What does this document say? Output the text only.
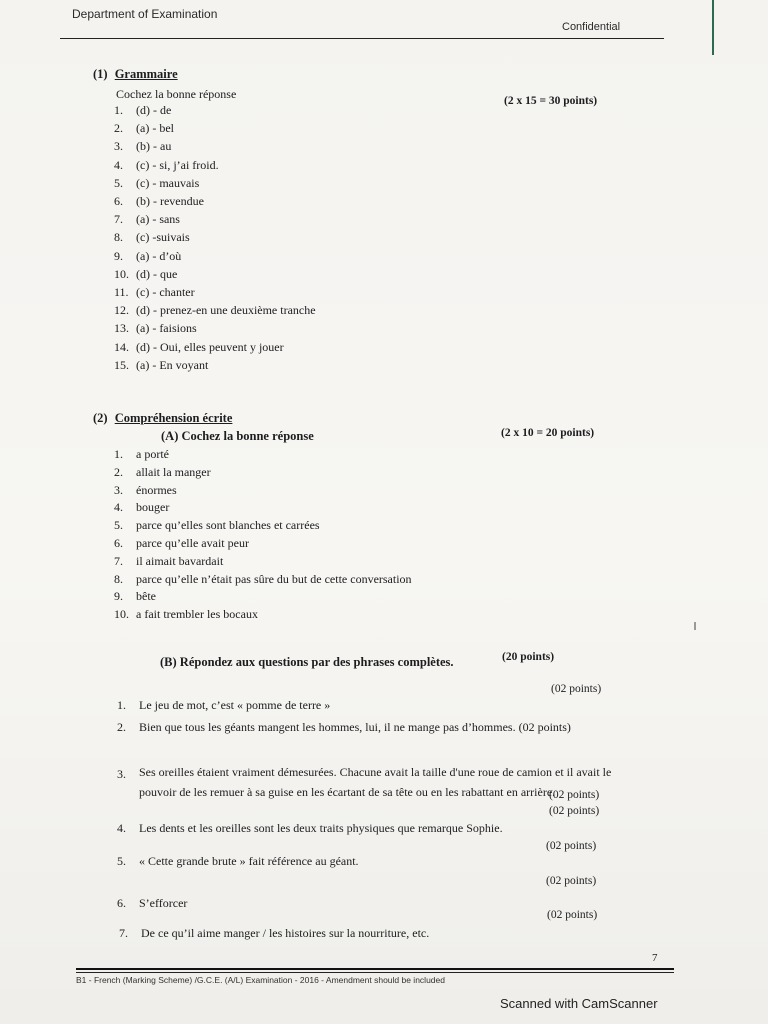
Department of Examination
Confidential
(1) Grammaire
Cochez la bonne réponse	(2 x 15 = 30 points)
1. (d) - de
2. (a) - bel
3. (b) - au
4. (c) - si, j’ai froid.
5. (c) - mauvais
6. (b) - revendue
7. (a) - sans
8. (c) -suivais
9. (a) - d’où
10. (d) - que
11. (c) - chanter
12. (d) - prenez-en une deuxième tranche
13. (a) - faisions
14. (d) - Oui, elles peuvent y jouer
15. (a) - En voyant
(2) Compréhension écrite
(A) Cochez la bonne réponse	(2 x 10 = 20 points)
1. a porté
2. allait la manger
3. énormes
4. bouger
5. parce qu’elles sont blanches et carrées
6. parce qu’elle avait peur
7. il aimait bavardait
8. parce qu’elle n’était pas sûre du but de cette conversation
9. bête
10. a fait trembler les bocaux
(B) Répondez aux questions par des phrases complètes.	(20 points)
(02 points)
1. Le jeu de mot, c’est « pomme de terre »
2. Bien que tous les géants mangent les hommes, lui, il ne mange pas d’hommes. (02 points)
3. Ses oreilles étaient vraiment démesurées. Chacune avait la taille d'une roue de camion et il avait le
pouvoir de les remuer à sa guise en les écartant de sa tête ou en les rabattant en arrière.
(02 points)
4. Les dents et les oreilles sont les deux traits physiques que remarque Sophie.
(02 points)
(02 points)
5. « Cette grande brute » fait référence au géant.
(02 points)
6. S’efforcer
(02 points)
7. De ce qu’il aime manger / les histoires sur la nourriture, etc.
7
B1 - French (Marking Scheme) /G.C.E. (A/L) Examination - 2016 - Amendment should be included
Scanned with CamScanner
